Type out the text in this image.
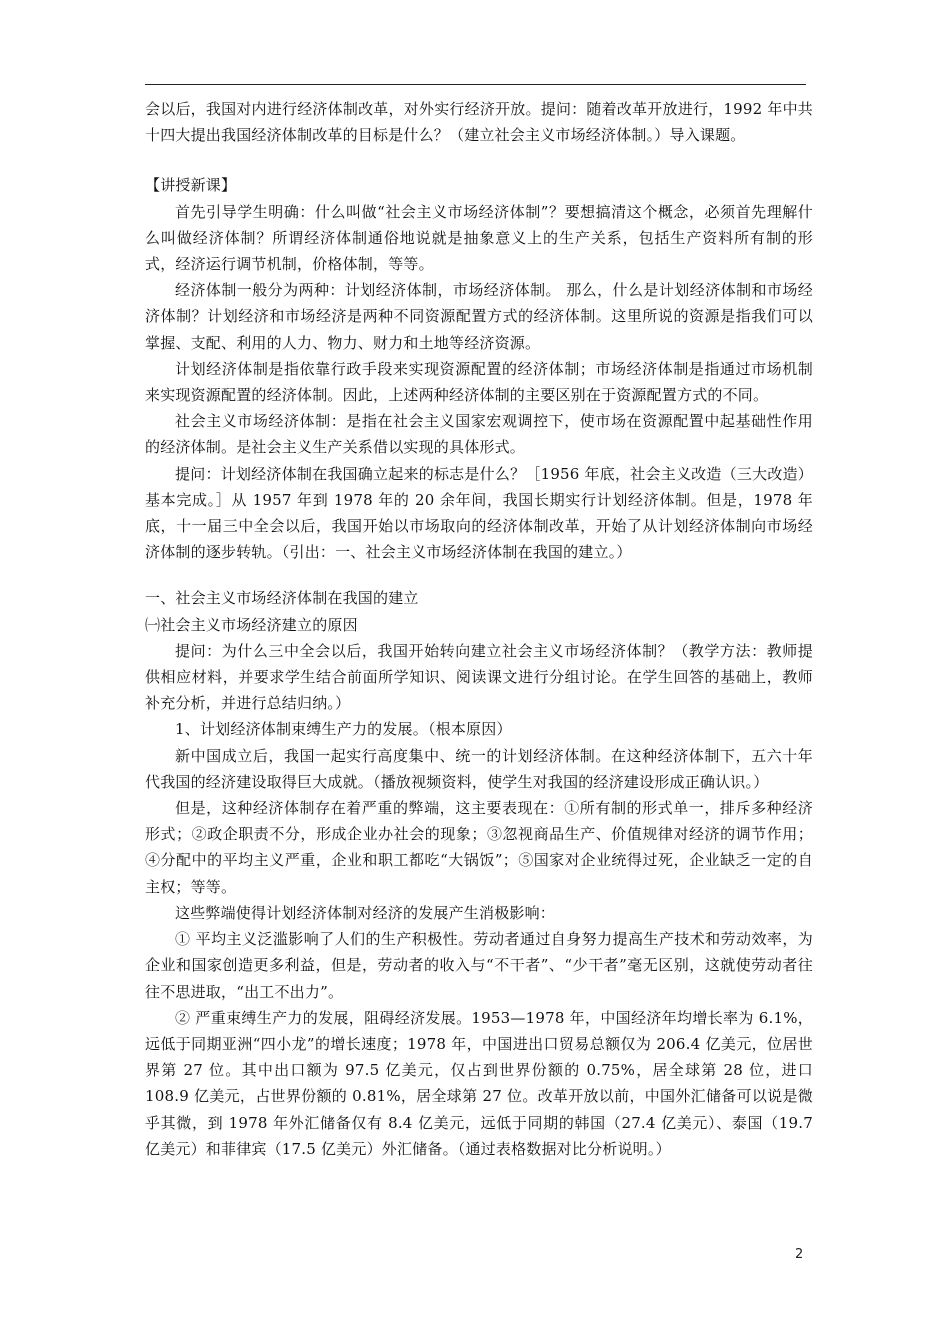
会以后，我国对内进行经济体制改革，对外实行经济开放。提问：随着改革开放进行，1992 年中共十四大提出我国经济体制改革的目标是什么？（建立社会主义市场经济体制。）导入课题。

【讲授新课】

首先引导学生明确：什么叫做“社会主义市场经济体制”？要想搞清这个概念，必须首先理解什么叫做经济体制？所谓经济体制通俗地说就是抽象意义上的生产关系，包括生产资料所有制的形式，经济运行调节机制，价格体制，等等。

经济体制一般分为两种：计划经济体制，市场经济体制。 那么，什么是计划经济体制和市场经济体制？计划经济和市场经济是两种不同资源配置方式的经济体制。这里所说的资源是指我们可以掌握、支配、利用的人力、物力、财力和土地等经济资源。

计划经济体制是指依靠行政手段来实现资源配置的经济体制；市场经济体制是指通过市场机制来实现资源配置的经济体制。因此，上述两种经济体制的主要区别在于资源配置方式的不同。

社会主义市场经济体制：是指在社会主义国家宏观调控下，使市场在资源配置中起基础性作用的经济体制。是社会主义生产关系借以实现的具体形式。

提问：计划经济体制在我国确立起来的标志是什么？［1956 年底，社会主义改造（三大改造）基本完成。］从 1957 年到 1978 年的 20 余年间，我国长期实行计划经济体制。但是，1978 年底，十一届三中全会以后，我国开始以市场取向的经济体制改革，开始了从计划经济体制向市场经济体制的逐步转轨。（引出：一、社会主义市场经济体制在我国的建立。）

一、社会主义市场经济体制在我国的建立

㈠社会主义市场经济建立的原因

提问：为什么三中全会以后，我国开始转向建立社会主义市场经济体制？（教学方法：教师提供相应材料，并要求学生结合前面所学知识、阅读课文进行分组讨论。在学生回答的基础上，教师补充分析，并进行总结归纳。）

1、计划经济体制束缚生产力的发展。（根本原因）

新中国成立后，我国一起实行高度集中、统一的计划经济体制。在这种经济体制下，五六十年代我国的经济建设取得巨大成就。（播放视频资料，使学生对我国的经济建设形成正确认识。）

但是，这种经济体制存在着严重的弊端，这主要表现在：①所有制的形式单一，排斥多种经济形式；②政企职责不分，形成企业办社会的现象；③忽视商品生产、价值规律对经济的调节作用；④分配中的平均主义严重，企业和职工都吃“大锅饭”；⑤国家对企业统得过死，企业缺乏一定的自主权；等等。

这些弊端使得计划经济体制对经济的发展产生消极影响：

① 平均主义泛滥影响了人们的生产积极性。劳动者通过自身努力提高生产技术和劳动效率，为企业和国家创造更多利益，但是，劳动者的收入与“不干者”、“少干者”毫无区别，这就使劳动者往往不思进取，“出工不出力”。

② 严重束缚生产力的发展，阻碍经济发展。1953—1978 年，中国经济年均增长率为 6.1%，远低于同期亚洲“四小龙”的增长速度；1978 年，中国进出口贸易总额仅为 206.4 亿美元，位居世界第 27 位。其中出口额为 97.5 亿美元，仅占到世界份额的 0.75%，居全球第 28 位，进口 108.9 亿美元，占世界份额的 0.81%，居全球第 27 位。改革开放以前，中国外汇储备可以说是微乎其微，到 1978 年外汇储备仅有 8.4 亿美元，远低于同期的韩国（27.4 亿美元）、泰国（19.7 亿美元）和菲律宾（17.5 亿美元）外汇储备。（通过表格数据对比分析说明。）

2
